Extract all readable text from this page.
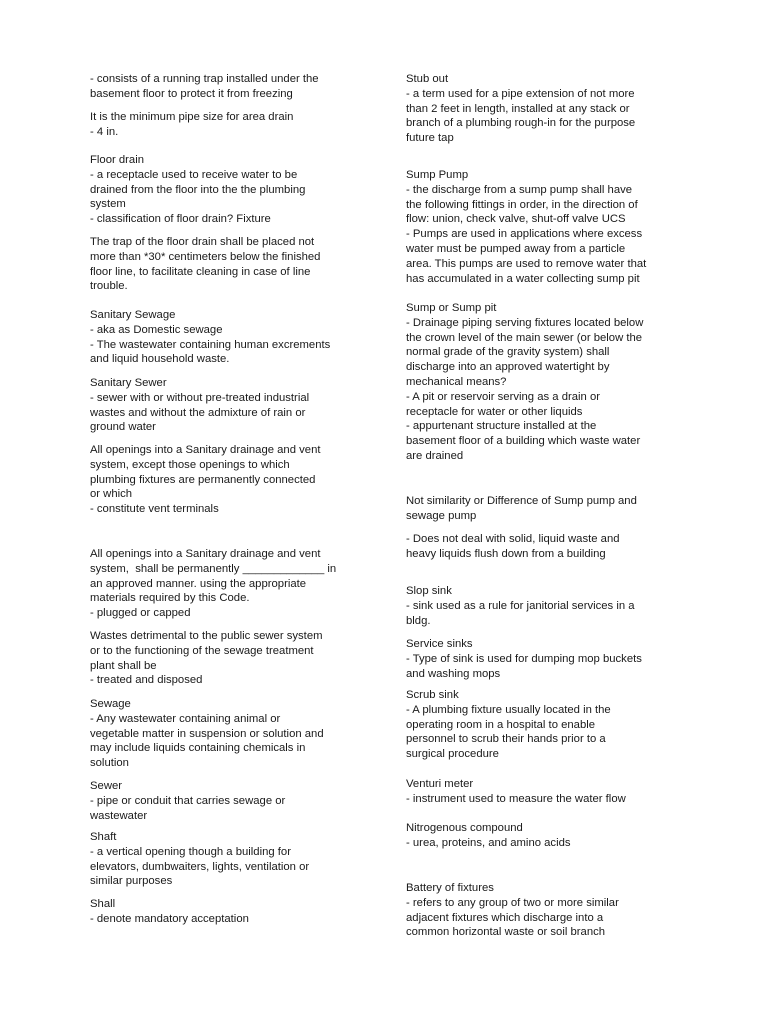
- consists of a running trap installed under the
basement floor to protect it from freezing
It is the minimum pipe size for area drain
- 4 in.
Floor drain
- a receptacle used to receive water to be
drained from the floor into the the plumbing
system
- classification of floor drain? Fixture
The trap of the floor drain shall be placed not
more than *30* centimeters below the finished
floor line, to facilitate cleaning in case of line
trouble.
Sanitary Sewage
- aka as Domestic sewage
- The wastewater containing human excrements
and liquid household waste.
Sanitary Sewer
- sewer with or without pre-treated industrial
wastes and without the admixture of rain or
ground water
All openings into a Sanitary drainage and vent
system, except those openings to which
plumbing fixtures are permanently connected
or which
- constitute vent terminals
All openings into a Sanitary drainage and vent
system,  shall be permanently _____________ in
an approved manner. using the appropriate
materials required by this Code.
- plugged or capped
Wastes detrimental to the public sewer system
or to the functioning of the sewage treatment
plant shall be
- treated and disposed
Sewage
- Any wastewater containing animal or
vegetable matter in suspension or solution and
may include liquids containing chemicals in
solution
Sewer
- pipe or conduit that carries sewage or
wastewater
Shaft
- a vertical opening though a building for
elevators, dumbwaiters, lights, ventilation or
similar purposes
Shall
- denote mandatory acceptation
Stub out
- a term used for a pipe extension of not more
than 2 feet in length, installed at any stack or
branch of a plumbing rough-in for the purpose
future tap
Sump Pump
- the discharge from a sump pump shall have
the following fittings in order, in the direction of
flow: union, check valve, shut-off valve UCS
- Pumps are used in applications where excess
water must be pumped away from a particle
area. This pumps are used to remove water that
has accumulated in a water collecting sump pit
Sump or Sump pit
- Drainage piping serving fixtures located below
the crown level of the main sewer (or below the
normal grade of the gravity system) shall
discharge into an approved watertight by
mechanical means?
- A pit or reservoir serving as a drain or
receptacle for water or other liquids
- appurtenant structure installed at the
basement floor of a building which waste water
are drained
Not similarity or Difference of Sump pump and
sewage pump
- Does not deal with solid, liquid waste and
heavy liquids flush down from a building
Slop sink
- sink used as a rule for janitorial services in a
bldg.
Service sinks
- Type of sink is used for dumping mop buckets
and washing mops
Scrub sink
- A plumbing fixture usually located in the
operating room in a hospital to enable
personnel to scrub their hands prior to a
surgical procedure
Venturi meter
- instrument used to measure the water flow
Nitrogenous compound
- urea, proteins, and amino acids
Battery of fixtures
- refers to any group of two or more similar
adjacent fixtures which discharge into a
common horizontal waste or soil branch
